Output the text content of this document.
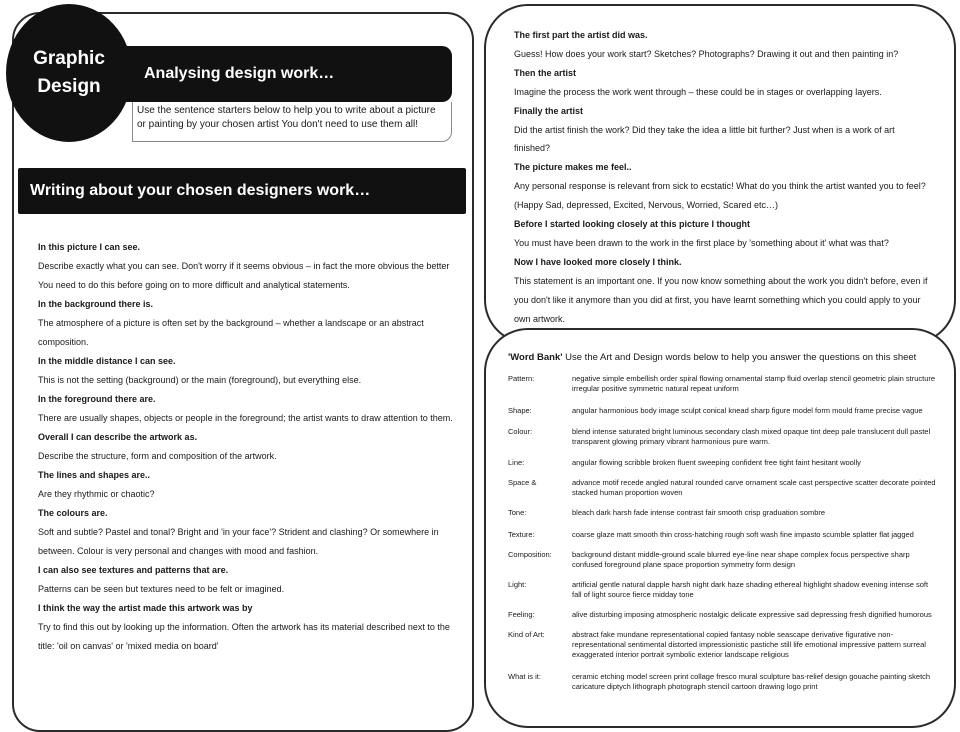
Graphic
Design
Analysing design work…
Use the sentence starters below to help you to write about a picture or painting by your chosen artist You don't need to use them all!
Writing about your chosen designers work…
In this picture I can see.
Describe exactly what you can see. Don't worry if it seems obvious – in fact the more obvious the better You need to do this before going on to more difficult and analytical statements.
In the background there is.
The atmosphere of a picture is often set by the background – whether a landscape or an abstract composition.
In the middle distance I can see.
This is not the setting (background) or the main (foreground), but everything else.
In the foreground there are.
There are usually shapes, objects or people in the foreground; the artist wants to draw attention to them.
Overall I can describe the artwork as.
Describe the structure, form and composition of the artwork.
The lines and shapes are..
Are they rhythmic or chaotic?
The colours are.
Soft and subtle? Pastel and tonal? Bright and 'in your face'? Strident and clashing? Or somewhere in between. Colour is very personal and changes with mood and fashion.
I can also see textures and patterns that are.
Patterns can be seen but textures need to be felt or imagined.
I think the way the artist made this artwork was by
Try to find this out by looking up the information. Often the artwork has its material described next to the title: 'oil on canvas' or 'mixed media on board'
The first part the artist did was.
Guess! How does your work start? Sketches? Photographs? Drawing it out and then painting in?
Then the artist
Imagine the process the work went through – these could be in stages or overlapping layers.
Finally the artist
Did the artist finish the work? Did they take the idea a little bit further? Just when is a work of art finished?
The picture makes me feel..
Any personal response is relevant from sick to ecstatic! What do you think the artist wanted you to feel? (Happy Sad, depressed, Excited, Nervous, Worried, Scared etc…)
Before I started looking closely at this picture I thought
You must have been drawn to the work in the first place by 'something about it' what was that?
Now I have looked more closely I think.
This statement is an important one. If you now know something about the work you didn't before, even if you don't like it anymore than you did at first, you have learnt something which you could apply to your own artwork.
'Word Bank' Use the Art and Design words below to help you answer the questions on this sheet
Pattern:	negative simple embellish order spiral flowing ornamental stamp fluid overlap stencil geometric plain structure irregular positive symmetric natural repeat uniform
Shape:	angular harmonious body image sculpt conical knead sharp figure model form mould frame precise vague
Colour:	blend intense saturated bright luminous secondary clash mixed opaque tint deep pale translucent dull pastel transparent glowing primary vibrant harmonious pure warm.
Line:	angular flowing scribble broken fluent sweeping confident free tight faint hesitant woolly
Space &	advance motif recede angled natural rounded carve ornament scale cast perspective scatter decorate pointed stacked human proportion woven
Tone:	bleach dark harsh fade intense contrast fair smooth crisp graduation sombre
Texture:	coarse glaze matt smooth thin cross-hatching rough soft wash fine impasto scumble splatter flat jagged
Composition:	background distant middle-ground scale blurred eye-line near shape complex focus perspective sharp confused foreground plane space proportion symmetry form design
Light:	artificial gentle natural dapple harsh night dark haze shading ethereal highlight shadow evening intense soft fall of light source fierce midday tone
Feeling:	alive disturbing imposing atmospheric nostalgic delicate expressive sad depressing fresh dignified humorous
Kind of Art:	abstract fake mundane representational copied fantasy noble seascape derivative figurative non-representational sentimental distorted impressionistic pastiche still life emotional impressive pattern surreal exaggerated interior portrait symbolic exterior landscape religious
What is it:	ceramic etching model screen print collage fresco mural sculpture bas-relief design gouache painting sketch caricature diptych lithograph photograph stencil cartoon drawing logo print
